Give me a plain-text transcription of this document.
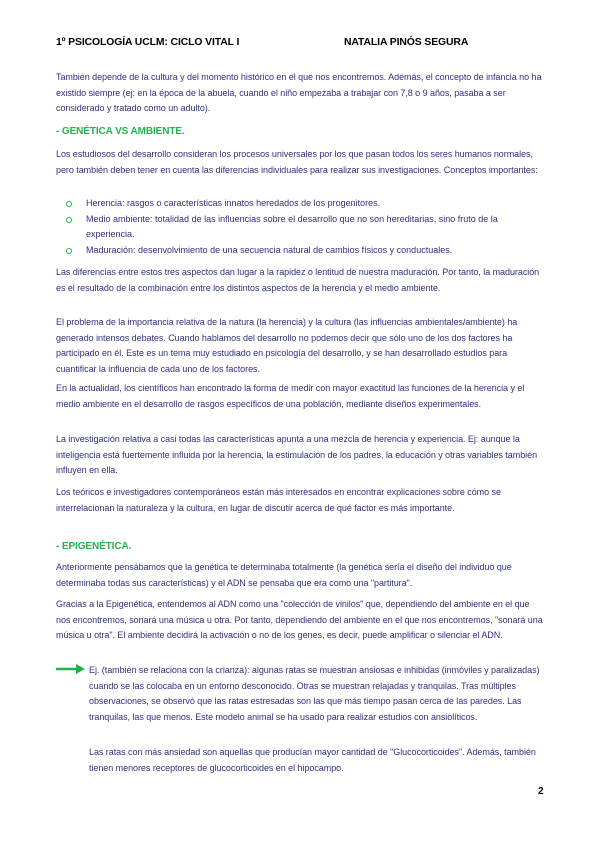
1º PSICOLOGÍA UCLM: CICLO VITAL I	NATALIA PINÓS SEGURA
También depende de la cultura y del momento histórico en el que nos encontremos. Además, el concepto de infancia no ha existido siempre (ej: en la época de la abuela, cuando el niño empezaba a trabajar con 7,8 o 9 años, pasaba a ser considerado y tratado como un adulto).
- GENÉTICA VS AMBIENTE.
Los estudiosos del desarrollo consideran los procesos universales por los que pasan todos los seres humanos normales, pero también deben tener en cuenta las diferencias individuales para realizar sus investigaciones. Conceptos importantes:
Herencia: rasgos o características innatos heredados de los progenitores.
Medio ambiente: totalidad de las influencias sobre el desarrollo que no son hereditarias, sino fruto de la experiencia.
Maduración: desenvolvimiento de una secuencia natural de cambios físicos y conductuales.
Las diferencias entre estos tres aspectos dan lugar a la rapidez o lentitud de nuestra maduración. Por tanto, la maduración es el resultado de la combinación entre los distintos aspectos de la herencia y el medio ambiente.
El problema de la importancia relativa de la natura (la herencia) y la cultura (las influencias ambientales/ambiente) ha generado intensos debates. Cuando hablamos del desarrollo no podemos decir que sólo uno de los dos factores ha participado en él. Este es un tema muy estudiado en psicología del desarrollo, y se han desarrollado estudios para cuantificar la influencia de cada uno de los factores.
En la actualidad, los científicos han encontrado la forma de medir con mayor exactitud las funciones de la herencia y el medio ambiente en el desarrollo de rasgos específicos de una población, mediante diseños experimentales.
La investigación relativa a casi todas las características apunta a una mezcla de herencia y experiencia. Ej: aunque la inteligencia está fuertemente influida por la herencia, la estimulación de los padres, la educación y otras variables también influyen en ella.
Los teóricos e investigadores contemporáneos están más interesados en encontrar explicaciones sobre cómo se interrelacionan la naturaleza y la cultura, en lugar de discutir acerca de qué factor es más importante.
- EPIGENÉTICA.
Anteriormente pensábamos que la genética te determinaba totalmente (la genética sería el diseño del individuo que determinaba todas sus características) y el ADN se pensaba que era como una "partitura".
Gracias a la Epigenética, entendemos al ADN como una "colección de vinilos" que, dependiendo del ambiente en el que nos encontremos, sonará una música u otra. Por tanto, dependiendo del ambiente en el que nos encontremos, "sonará una música u otra". El ambiente decidirá la activación o no de los genes, es decir, puede amplificar o silenciar el ADN.
Ej. (también se relaciona con la crianza): algunas ratas se muestran ansiosas e inhibidas (inmóviles y paralizadas) cuando se las colocaba en un entorno desconocido. Otras se muestran relajadas y tranquilas. Tras múltiples observaciones, se observó que las ratas estresadas son las que más tiempo pasan cerca de las paredes. Las tranquilas, las que menos. Este modelo animal se ha usado para realizar estudios con ansiolíticos.
Las ratas con más ansiedad son aquellas que producían mayor cantidad de "Glucocorticoides". Además, también tienen menores receptores de glucocorticoides en el hipocampo.
2
